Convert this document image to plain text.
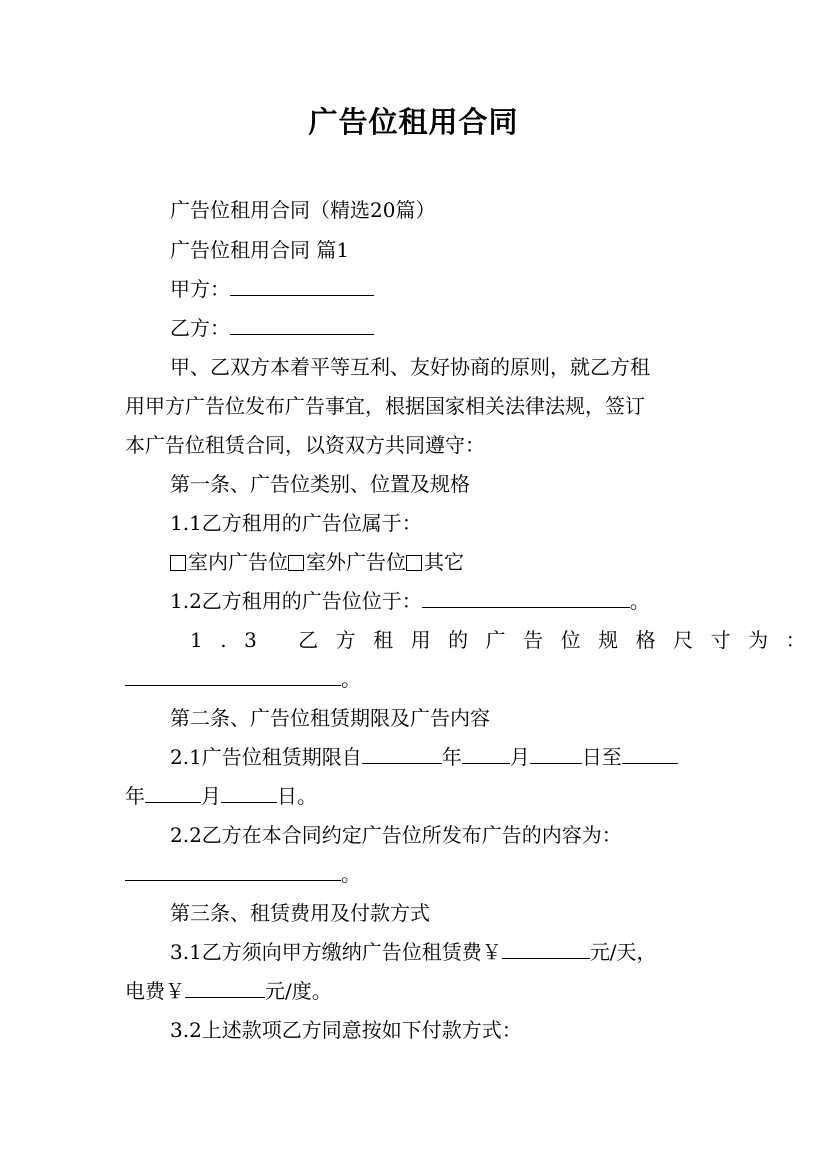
广告位租用合同
广告位租用合同（精选20篇）
广告位租用合同 篇1
甲方：
乙方：
甲、乙双方本着平等互利、友好协商的原则，就乙方租
用甲方广告位发布广告事宜，根据国家相关法律法规，签订
本广告位租赁合同，以资双方共同遵守：
第一条、广告位类别、位置及规格
1.1乙方租用的广告位属于：
室内广告位 室外广告位 其它
1.2乙方租用的广告位位于：	。
1.3 乙方租用的广告位规格尺寸为：
。
第二条、广告位租赁期限及广告内容
2.1广告位租赁期限自	年 月	日至
年	月	日。
2.2乙方在本合同约定广告位所发布广告的内容为：
。
第三条、租赁费用及付款方式
3.1乙方须向甲方缴纳广告位租赁费￥	元/天，
电费￥	元/度。
3.2上述款项乙方同意按如下付款方式：
